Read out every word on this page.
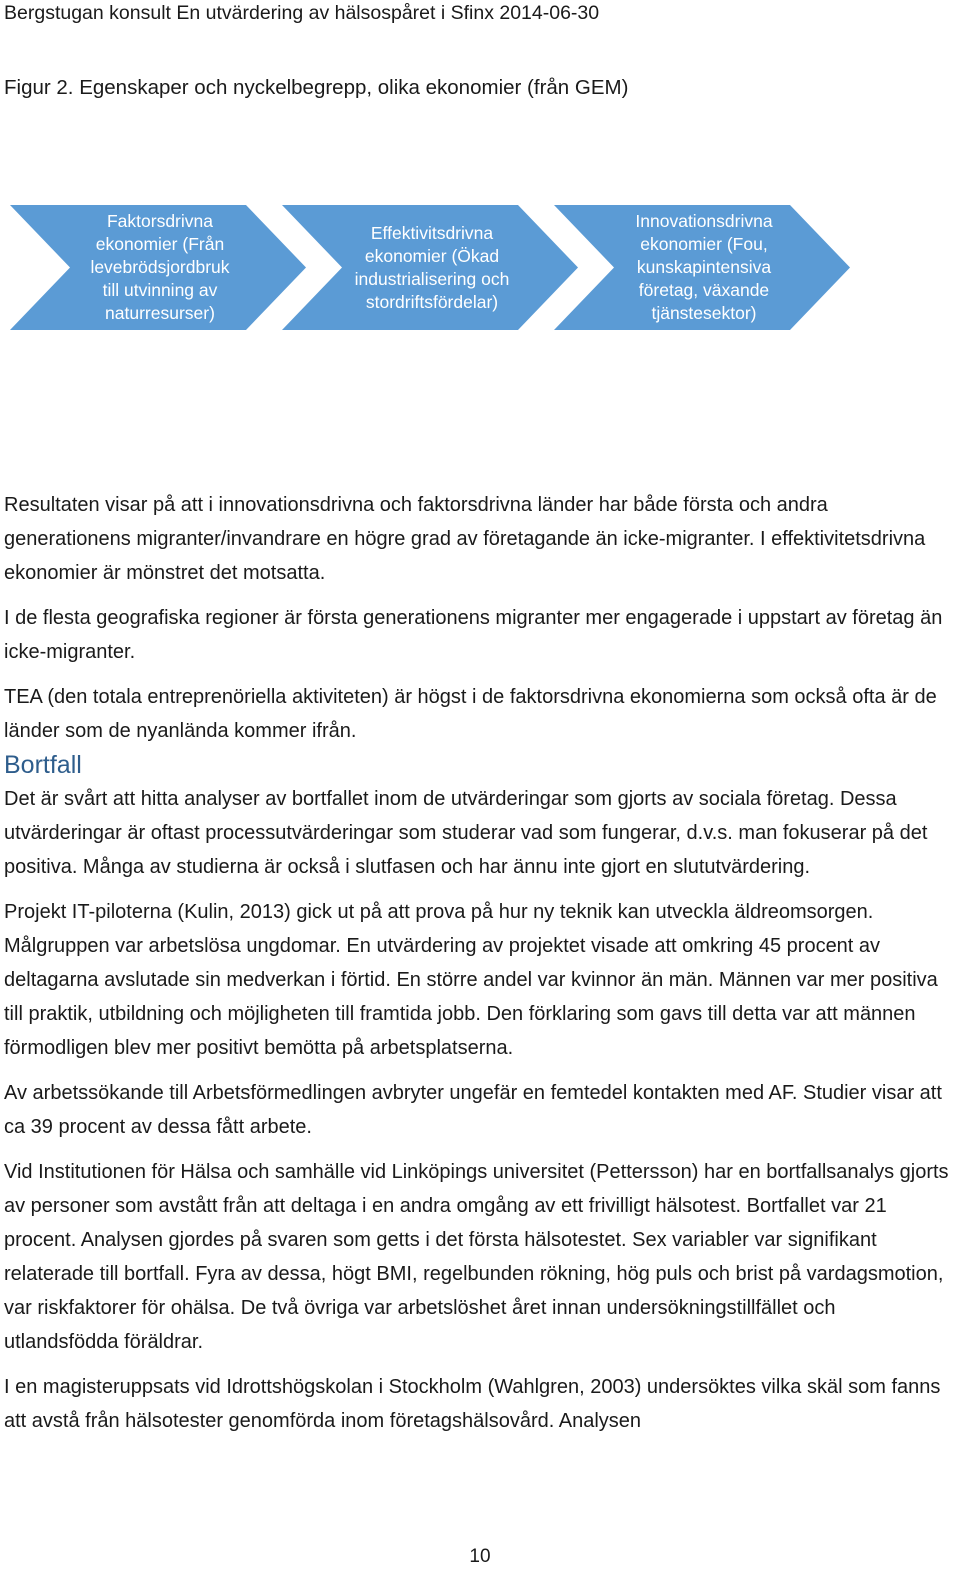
Bergstugan konsult En utvärdering av hälsospåret i Sfinx 2014-06-30
Figur 2. Egenskaper och nyckelbegrepp, olika ekonomier (från GEM)
Faktorsdrivna
ekonomier (Från
levebrödsjordbruk
till utvinning av
naturresurser)
Effektivitsdrivna
ekonomier (Ökad
industrialisering och
stordriftsfördelar)
Innovationsdrivna
ekonomier (Fou,
kunskapintensiva
företag, växande
tjänstesektor)

Resultaten visar på att i innovationsdrivna och faktorsdrivna länder har både första och andra generationens migranter/invandrare en högre grad av företagande än icke-migranter. I effektivitetsdrivna ekonomier är mönstret det motsatta.

I de flesta geografiska regioner är första generationens migranter mer engagerade i uppstart av företag än icke-migranter.

TEA (den totala entreprenöriella aktiviteten) är högst i de faktorsdrivna ekonomierna som också ofta är de länder som de nyanlända kommer ifrån.

Bortfall

Det är svårt att hitta analyser av bortfallet inom de utvärderingar som gjorts av sociala företag. Dessa utvärderingar är oftast processutvärderingar som studerar vad som fungerar, d.v.s. man fokuserar på det positiva. Många av studierna är också i slutfasen och har ännu inte gjort en slututvärdering.

Projekt IT-piloterna (Kulin, 2013) gick ut på att prova på hur ny teknik kan utveckla äldreomsorgen. Målgruppen var arbetslösa ungdomar. En utvärdering av projektet visade att omkring 45 procent av deltagarna avslutade sin medverkan i förtid. En större andel var kvinnor än män. Männen var mer positiva till praktik, utbildning och möjligheten till framtida jobb. Den förklaring som gavs till detta var att männen förmodligen blev mer positivt bemötta på arbetsplatserna.

Av arbetssökande till Arbetsförmedlingen avbryter ungefär en femtedel kontakten med AF. Studier visar att ca 39 procent av dessa fått arbete.

Vid Institutionen för Hälsa och samhälle vid Linköpings universitet (Pettersson) har en bortfallsanalys gjorts av personer som avstått från att deltaga i en andra omgång av ett frivilligt hälsotest. Bortfallet var 21 procent. Analysen gjordes på svaren som getts i det första hälsotestet. Sex variabler var signifikant relaterade till bortfall. Fyra av dessa, högt BMI, regelbunden rökning, hög puls och brist på vardagsmotion, var riskfaktorer för ohälsa. De två övriga var arbetslöshet året innan undersökningstillfället och utlandsfödda föräldrar.

I en magisteruppsats vid Idrottshögskolan i Stockholm (Wahlgren, 2003) undersöktes vilka skäl som fanns att avstå från hälsotester genomförda inom företagshälsovård. Analysen

10
